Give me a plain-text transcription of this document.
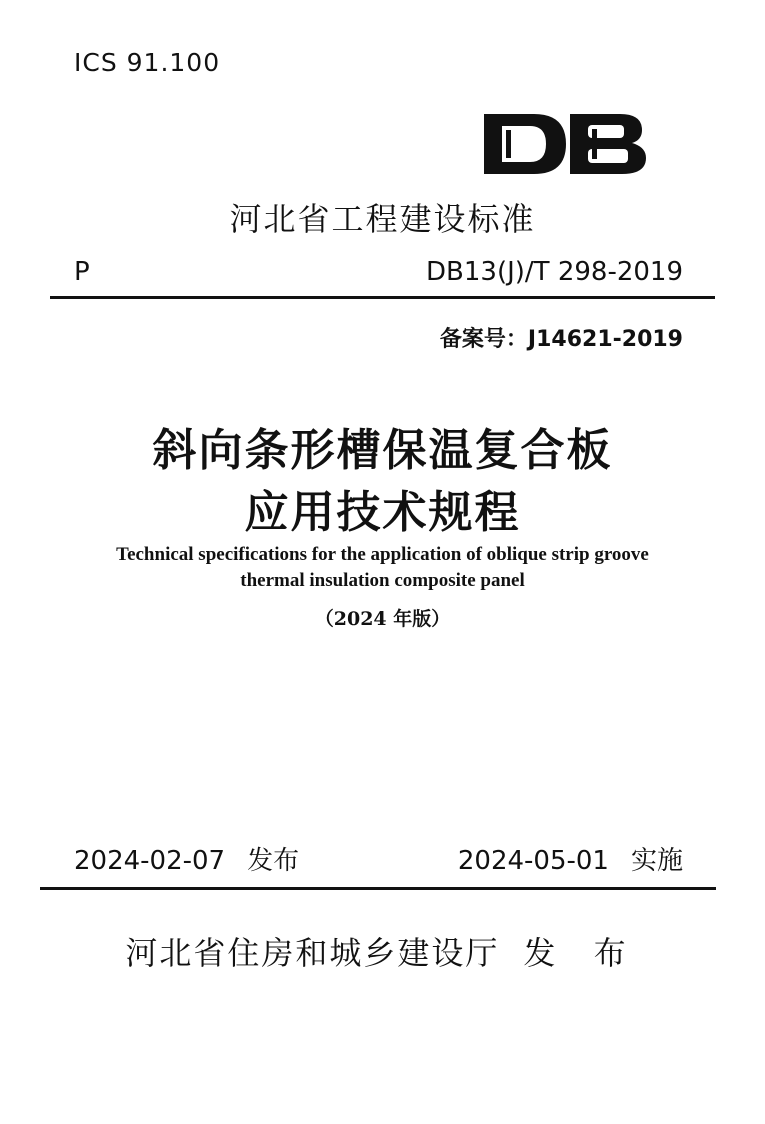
ICS 91.100
河北省工程建设标准
P	DB13(J)/T 298-2019
备案号：J14621-2019
斜向条形槽保温复合板
应用技术规程
Technical specifications for the application of oblique strip groove
thermal insulation composite panel
（2024 年版）
2024-02-07 发布	2024-05-01 实施
河北省住房和城乡建设厅 发 布
